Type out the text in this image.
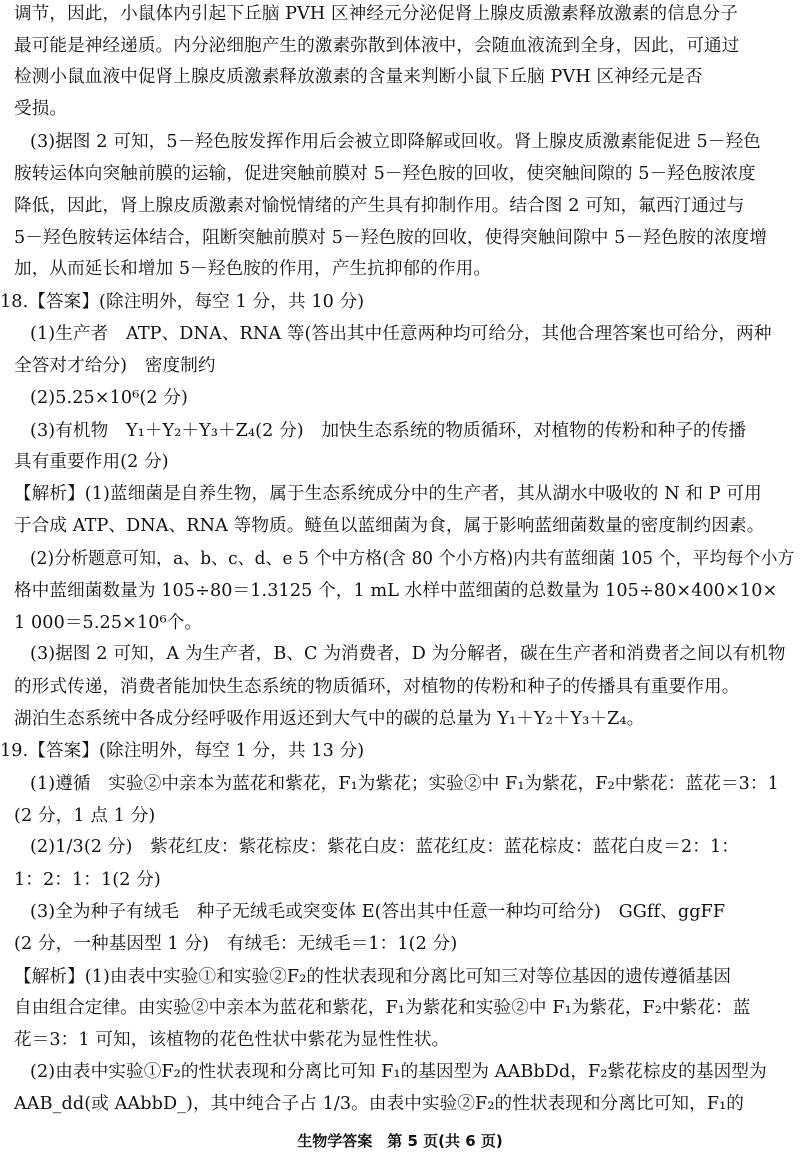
调节，因此，小鼠体内引起下丘脑 PVH 区神经元分泌促肾上腺皮质激素释放激素的信息分子
最可能是神经递质。内分泌细胞产生的激素弥散到体液中，会随血液流到全身，因此，可通过
检测小鼠血液中促肾上腺皮质激素释放激素的含量来判断小鼠下丘脑 PVH 区神经元是否
受损。
(3)据图 2 可知，5－羟色胺发挥作用后会被立即降解或回收。肾上腺皮质激素能促进 5－羟色
胺转运体向突触前膜的运输，促进突触前膜对 5－羟色胺的回收，使突触间隙的 5－羟色胺浓度
降低，因此，肾上腺皮质激素对愉悦情绪的产生具有抑制作用。结合图 2 可知，氟西汀通过与
5－羟色胺转运体结合，阻断突触前膜对 5－羟色胺的回收，使得突触间隙中 5－羟色胺的浓度增
加，从而延长和增加 5－羟色胺的作用，产生抗抑郁的作用。
18.【答案】(除注明外，每空 1 分，共 10 分)
(1)生产者　ATP、DNA、RNA 等(答出其中任意两种均可给分，其他合理答案也可给分，两种
全答对才给分)　密度制约
(2)5.25×10⁶(2 分)
(3)有机物　Y₁＋Y₂＋Y₃＋Z₄(2 分)　加快生态系统的物质循环，对植物的传粉和种子的传播
具有重要作用(2 分)
【解析】(1)蓝细菌是自养生物，属于生态系统成分中的生产者，其从湖水中吸收的 N 和 P 可用
于合成 ATP、DNA、RNA 等物质。鲢鱼以蓝细菌为食，属于影响蓝细菌数量的密度制约因素。
(2)分析题意可知，a、b、c、d、e 5 个中方格(含 80 个小方格)内共有蓝细菌 105 个，平均每个小方
格中蓝细菌数量为 105÷80＝1.3125 个，1 mL 水样中蓝细菌的总数量为 105÷80×400×10×
1 000＝5.25×10⁶个。
(3)据图 2 可知，A 为生产者，B、C 为消费者，D 为分解者，碳在生产者和消费者之间以有机物
的形式传递，消费者能加快生态系统的物质循环，对植物的传粉和种子的传播具有重要作用。
湖泊生态系统中各成分经呼吸作用返还到大气中的碳的总量为 Y₁＋Y₂＋Y₃＋Z₄。
19.【答案】(除注明外，每空 1 分，共 13 分)
(1)遵循　实验②中亲本为蓝花和紫花，F₁为紫花；实验②中 F₁为紫花，F₂中紫花：蓝花＝3：1
(2 分，1 点 1 分)
(2)1/3(2 分)　紫花红皮：紫花棕皮：紫花白皮：蓝花红皮：蓝花棕皮：蓝花白皮＝2：1：
1：2：1：1(2 分)
(3)全为种子有绒毛　种子无绒毛或突变体 E(答出其中任意一种均可给分)　GGff、ggFF
(2 分，一种基因型 1 分)　有绒毛：无绒毛＝1：1(2 分)
【解析】(1)由表中实验①和实验②F₂的性状表现和分离比可知三对等位基因的遗传遵循基因
自由组合定律。由实验②中亲本为蓝花和紫花，F₁为紫花和实验②中 F₁为紫花，F₂中紫花：蓝
花＝3：1 可知，该植物的花色性状中紫花为显性性状。
(2)由表中实验①F₂的性状表现和分离比可知 F₁的基因型为 AABbDd，F₂紫花棕皮的基因型为
AAB_dd(或 AAbbD_)，其中纯合子占 1/3。由表中实验②F₂的性状表现和分离比可知，F₁的
生物学答案　第 5 页(共 6 页)
